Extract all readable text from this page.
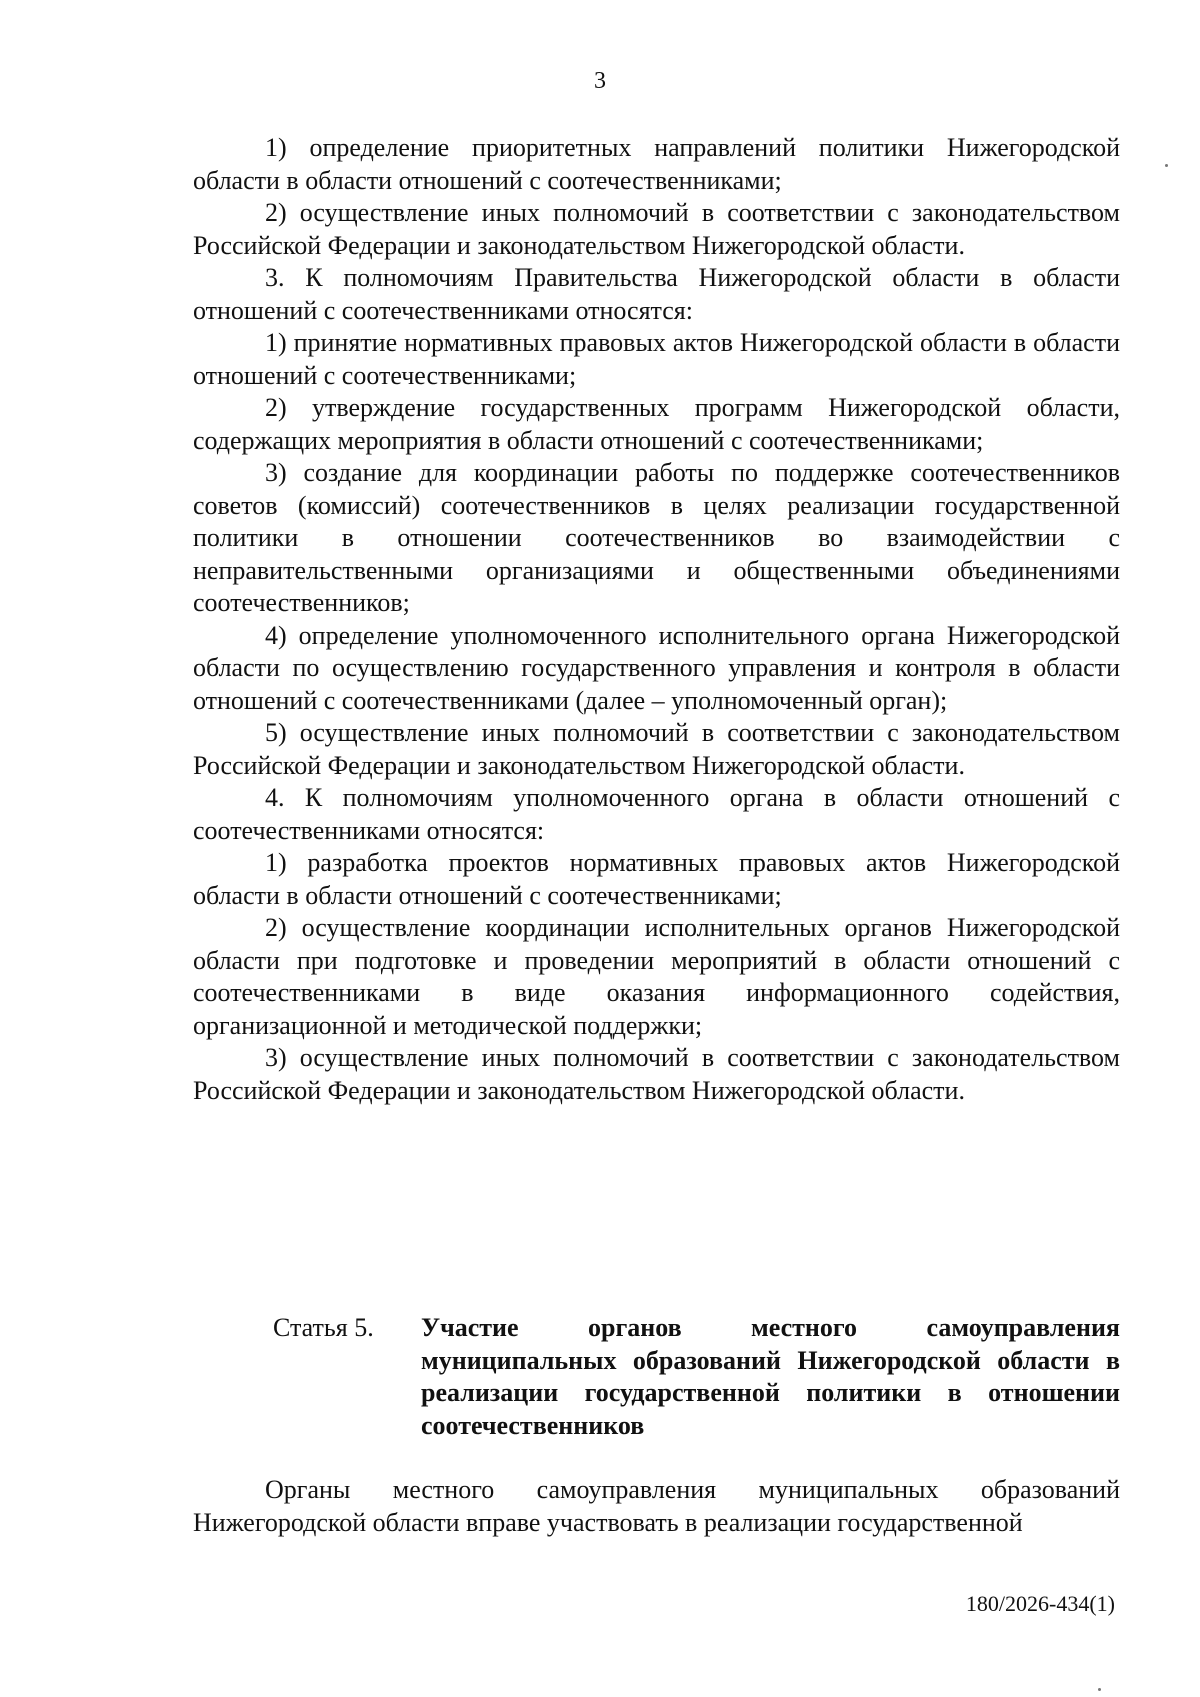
3

1) определение приоритетных направлений политики Нижегородской области в области отношений с соотечественниками;

2) осуществление иных полномочий в соответствии с законодательством Российской Федерации и законодательством Нижегородской области.

3. К полномочиям Правительства Нижегородской области в области отношений с соотечественниками относятся:

1) принятие нормативных правовых актов Нижегородской области в области отношений с соотечественниками;

2) утверждение государственных программ Нижегородской области, содержащих мероприятия в области отношений с соотечественниками;

3) создание для координации работы по поддержке соотечественников советов (комиссий) соотечественников в целях реализации государственной политики в отношении соотечественников во взаимодействии с неправительственными организациями и общественными объединениями соотечественников;

4) определение уполномоченного исполнительного органа Нижегородской области по осуществлению государственного управления и контроля в области отношений с соотечественниками (далее – уполномоченный орган);

5) осуществление иных полномочий в соответствии с законодательством Российской Федерации и законодательством Нижегородской области.

4. К полномочиям уполномоченного органа в области отношений с соотечественниками относятся:

1) разработка проектов нормативных правовых актов Нижегородской области в области отношений с соотечественниками;

2) осуществление координации исполнительных органов Нижегородской области при подготовке и проведении мероприятий в области отношений с соотечественниками в виде оказания информационного содействия, организационной и методической поддержки;

3) осуществление иных полномочий в соответствии с законодательством Российской Федерации и законодательством Нижегородской области.

Статья 5. Участие органов местного самоуправления муниципальных образований Нижегородской области в реализации государственной политики в отношении соотечественников

Органы местного самоуправления муниципальных образований Нижегородской области вправе участвовать в реализации государственной

180/2026-434(1)
